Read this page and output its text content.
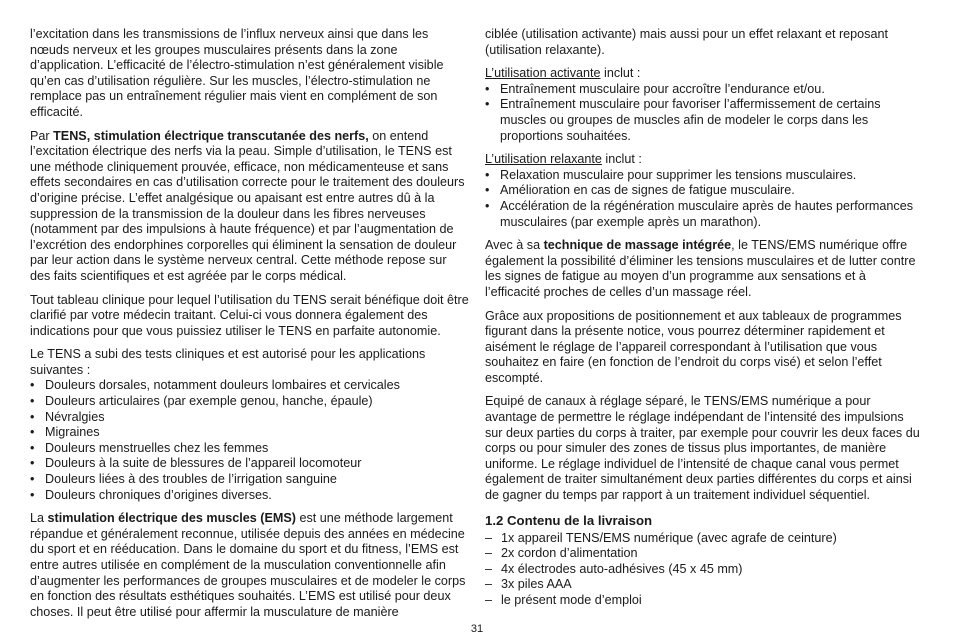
l’excitation dans les transmissions de l’influx nerveux ainsi que dans les nœuds nerveux et les groupes musculaires présents dans la zone d’application. L’efficacité de l’électro-stimulation n’est généralement visible qu’en cas d’utilisation régulière. Sur les muscles, l’électro-stimulation ne remplace pas un entraînement régulier mais vient en complément de son efficacité.

Par TENS, stimulation électrique transcutanée des nerfs, on entend l’excitation électrique des nerfs via la peau. Simple d’utilisation, le TENS est une méthode cliniquement prouvée, efficace, non médicamenteuse et sans effets secondaires en cas d’utilisation correcte pour le traitement des douleurs d’origine précise. L’effet analgésique ou apaisant est entre autres dû à la suppression de la transmission de la douleur dans les fibres nerveuses (notamment par des impulsions à haute fréquence) et par l’augmentation de l’excrétion des endorphines corporelles qui éliminent la sensation de douleur par leur action dans le système nerveux central. Cette méthode repose sur des faits scientifiques et est agréée par le corps médical.

Tout tableau clinique pour lequel l’utilisation du TENS serait bénéfique doit être clarifié par votre médecin traitant. Celui-ci vous donnera également des indications pour que vous puissiez utiliser le TENS en parfaite autonomie.

Le TENS a subi des tests cliniques et est autorisé pour les applications suivantes :

• Douleurs dorsales, notamment douleurs lombaires et cervicales
• Douleurs articulaires (par exemple genou, hanche, épaule)
• Névralgies
• Migraines
• Douleurs menstruelles chez les femmes
• Douleurs à la suite de blessures de l’appareil locomoteur
• Douleurs liées à des troubles de l’irrigation sanguine
• Douleurs chroniques d’origines diverses.

La stimulation électrique des muscles (EMS) est une méthode largement répandue et généralement reconnue, utilisée depuis des années en médecine du sport et en rééducation. Dans le domaine du sport et du fitness, l’EMS est entre autres utilisée en complément de la musculation conventionnelle afin d’augmenter les performances de groupes musculaires et de modeler le corps en fonction des résultats esthétiques souhaités. L’EMS est utilisé pour deux choses. Il peut être utilisé pour affermir la musculature de manière

ciblée (utilisation activante) mais aussi pour un effet relaxant et reposant (utilisation relaxante).

L’utilisation activante inclut :

• Entraînement musculaire pour accroître l’endurance et/ou.
• Entraînement musculaire pour favoriser l’affermissement de certains muscles ou groupes de muscles afin de modeler le corps dans les proportions souhaitées.

L’utilisation relaxante inclut :

• Relaxation musculaire pour supprimer les tensions musculaires.
• Amélioration en cas de signes de fatigue musculaire.
• Accélération de la régénération musculaire après de hautes performances musculaires (par exemple après un marathon).

Avec à sa technique de massage intégrée, le TENS/EMS numérique offre également la possibilité d’éliminer les tensions musculaires et de lutter contre les signes de fatigue au moyen d’un programme aux sensations et à l’efficacité proches de celles d’un massage réel.

Grâce aux propositions de positionnement et aux tableaux de programmes figurant dans la présente notice, vous pourrez déterminer rapidement et aisément le réglage de l’appareil correspondant à l’utilisation que vous souhaitez en faire (en fonction de l’endroit du corps visé) et selon l’effet escompté.

Equipé de canaux à réglage séparé, le TENS/EMS numérique a pour avantage de permettre le réglage indépendant de l’intensité des impulsions sur deux parties du corps à traiter, par exemple pour couvrir les deux faces du corps ou pour simuler des zones de tissus plus importantes, de manière uniforme. Le réglage individuel de l’intensité de chaque canal vous permet également de traiter simultanément deux parties différentes du corps et ainsi de gagner du temps par rapport à un traitement individuel séquentiel.

1.2 Contenu de la livraison
– 1x appareil TENS/EMS numérique (avec agrafe de ceinture)
– 2x cordon d’alimentation
– 4x électrodes auto-adhésives (45 x 45 mm)
– 3x piles AAA
– le présent mode d’emploi
31
